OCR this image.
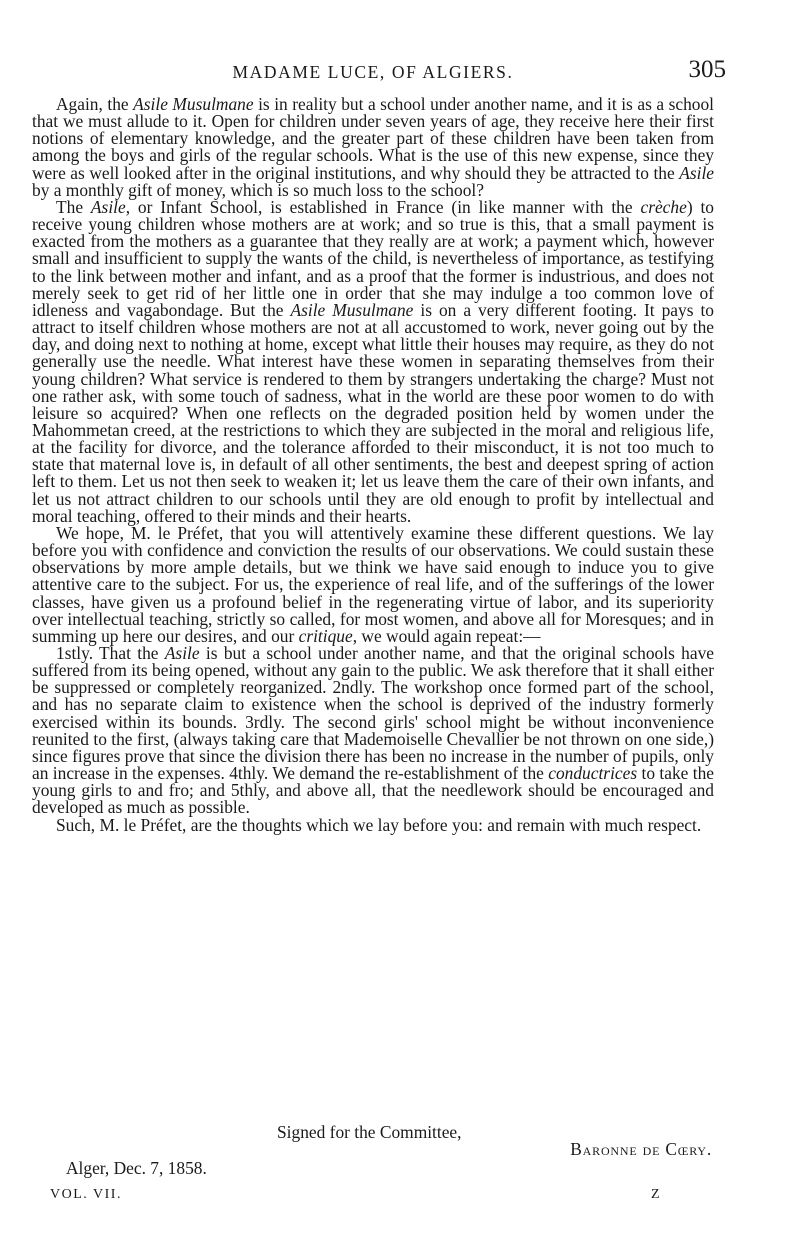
MADAME LUCE, OF ALGIERS.	305

Again, the Asile Musulmane is in reality but a school under another name, and it is as a school that we must allude to it. Open for children under seven years of age, they receive here their first notions of elementary knowledge, and the greater part of these children have been taken from among the boys and girls of the regular schools. What is the use of this new expense, since they were as well looked after in the original institutions, and why should they be attracted to the Asile by a monthly gift of money, which is so much loss to the school?

The Asile, or Infant School, is established in France (in like manner with the crèche) to receive young children whose mothers are at work; and so true is this, that a small payment is exacted from the mothers as a guarantee that they really are at work; a payment which, however small and insufficient to supply the wants of the child, is nevertheless of importance, as testifying to the link between mother and infant, and as a proof that the former is industrious, and does not merely seek to get rid of her little one in order that she may indulge a too common love of idleness and vagabondage. But the Asile Musulmane is on a very different footing. It pays to attract to itself children whose mothers are not at all accustomed to work, never going out by the day, and doing next to nothing at home, except what little their houses may require, as they do not generally use the needle. What interest have these women in separating themselves from their young children? What service is rendered to them by strangers undertaking the charge? Must not one rather ask, with some touch of sadness, what in the world are these poor women to do with leisure so acquired? When one reflects on the degraded position held by women under the Mahommetan creed, at the restrictions to which they are subjected in the moral and religious life, at the facility for divorce, and the tolerance afforded to their misconduct, it is not too much to state that maternal love is, in default of all other sentiments, the best and deepest spring of action left to them. Let us not then seek to weaken it; let us leave them the care of their own infants, and let us not attract children to our schools until they are old enough to profit by intellectual and moral teaching, offered to their minds and their hearts.

We hope, M. le Préfet, that you will attentively examine these different questions. We lay before you with confidence and conviction the results of our observations. We could sustain these observations by more ample details, but we think we have said enough to induce you to give attentive care to the subject. For us, the experience of real life, and of the sufferings of the lower classes, have given us a profound belief in the regenerating virtue of labor, and its superiority over intellectual teaching, strictly so called, for most women, and above all for Moresques; and in summing up here our desires, and our critique, we would again repeat:—

1stly. That the Asile is but a school under another name, and that the original schools have suffered from its being opened, without any gain to the public. We ask therefore that it shall either be suppressed or completely reorganized. 2ndly. The workshop once formed part of the school, and has no separate claim to existence when the school is deprived of the industry formerly exercised within its bounds. 3rdly. The second girls' school might be without inconvenience reunited to the first, (always taking care that Mademoiselle Chevallier be not thrown on one side,) since figures prove that since the division there has been no increase in the number of pupils, only an increase in the expenses. 4thly. We demand the re-establishment of the conductrices to take the young girls to and fro; and 5thly, and above all, that the needlework should be encouraged and developed as much as possible.

Such, M. le Préfet, are the thoughts which we lay before you: and remain with much respect.

Signed for the Committee,
Baronne de Cœry.
Alger, Dec. 7, 1858.
VOL. VII.	Z
